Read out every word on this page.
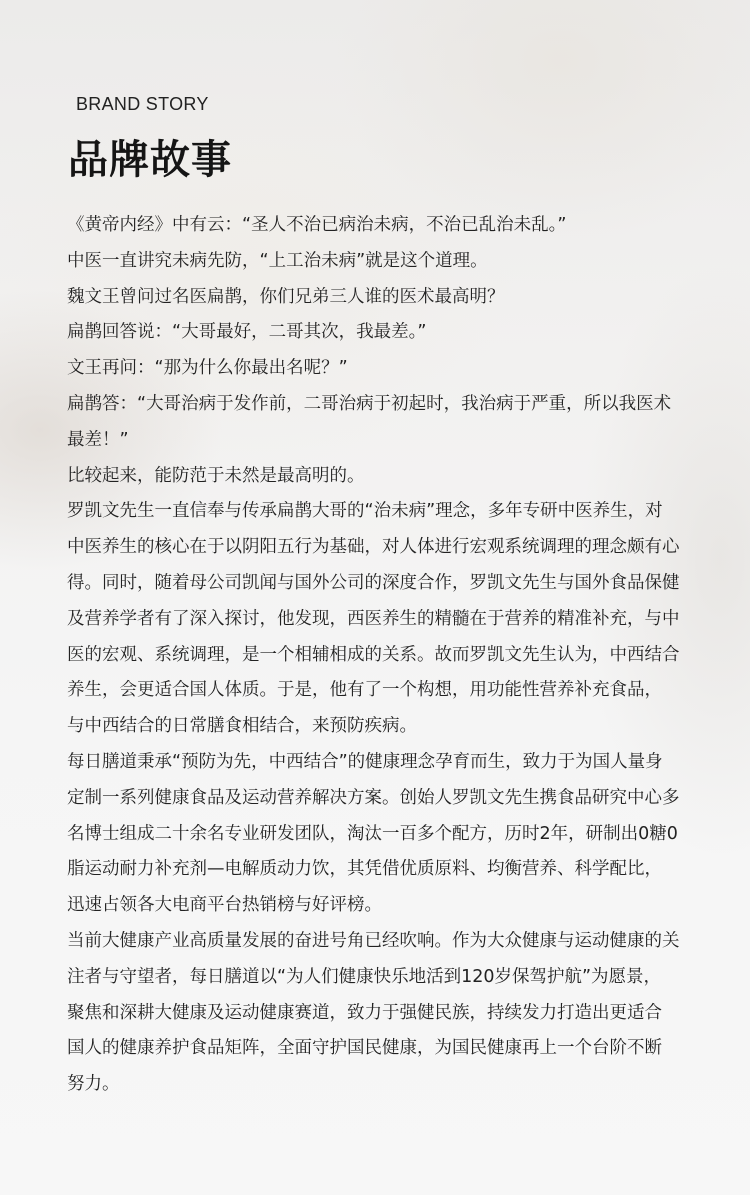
BRAND STORY
品牌故事

《黄帝内经》中有云：“圣人不治已病治未病，不治已乱治未乱。”

中医一直讲究未病先防，“上工治未病”就是这个道理。

魏文王曾问过名医扁鹊，你们兄弟三人谁的医术最高明？

扁鹊回答说：“大哥最好，二哥其次，我最差。”

文王再问：“那为什么你最出名呢？”

扁鹊答：“大哥治病于发作前，二哥治病于初起时，我治病于严重，所以我医术

最差！”

比较起来，能防范于未然是最高明的。

罗凯文先生一直信奉与传承扁鹊大哥的“治未病”理念，多年专研中医养生，对

中医养生的核心在于以阴阳五行为基础，对人体进行宏观系统调理的理念颇有心

得。同时，随着母公司凯闻与国外公司的深度合作，罗凯文先生与国外食品保健

及营养学者有了深入探讨，他发现，西医养生的精髓在于营养的精准补充，与中

医的宏观、系统调理，是一个相辅相成的关系。故而罗凯文先生认为，中西结合

养生，会更适合国人体质。于是，他有了一个构想，用功能性营养补充食品，

与中西结合的日常膳食相结合，来预防疾病。

每日膳道秉承“预防为先，中西结合”的健康理念孕育而生，致力于为国人量身

定制一系列健康食品及运动营养解决方案。创始人罗凯文先生携食品研究中心多

名博士组成二十余名专业研发团队，淘汰一百多个配方，历时2年，研制出0糖0

脂运动耐力补充剂—电解质动力饮，其凭借优质原料、均衡营养、科学配比，

迅速占领各大电商平台热销榜与好评榜。

当前大健康产业高质量发展的奋进号角已经吹响。作为大众健康与运动健康的关

注者与守望者，每日膳道以“为人们健康快乐地活到120岁保驾护航”为愿景，

聚焦和深耕大健康及运动健康赛道，致力于强健民族，持续发力打造出更适合

国人的健康养护食品矩阵，全面守护国民健康，为国民健康再上一个台阶不断

努力。
